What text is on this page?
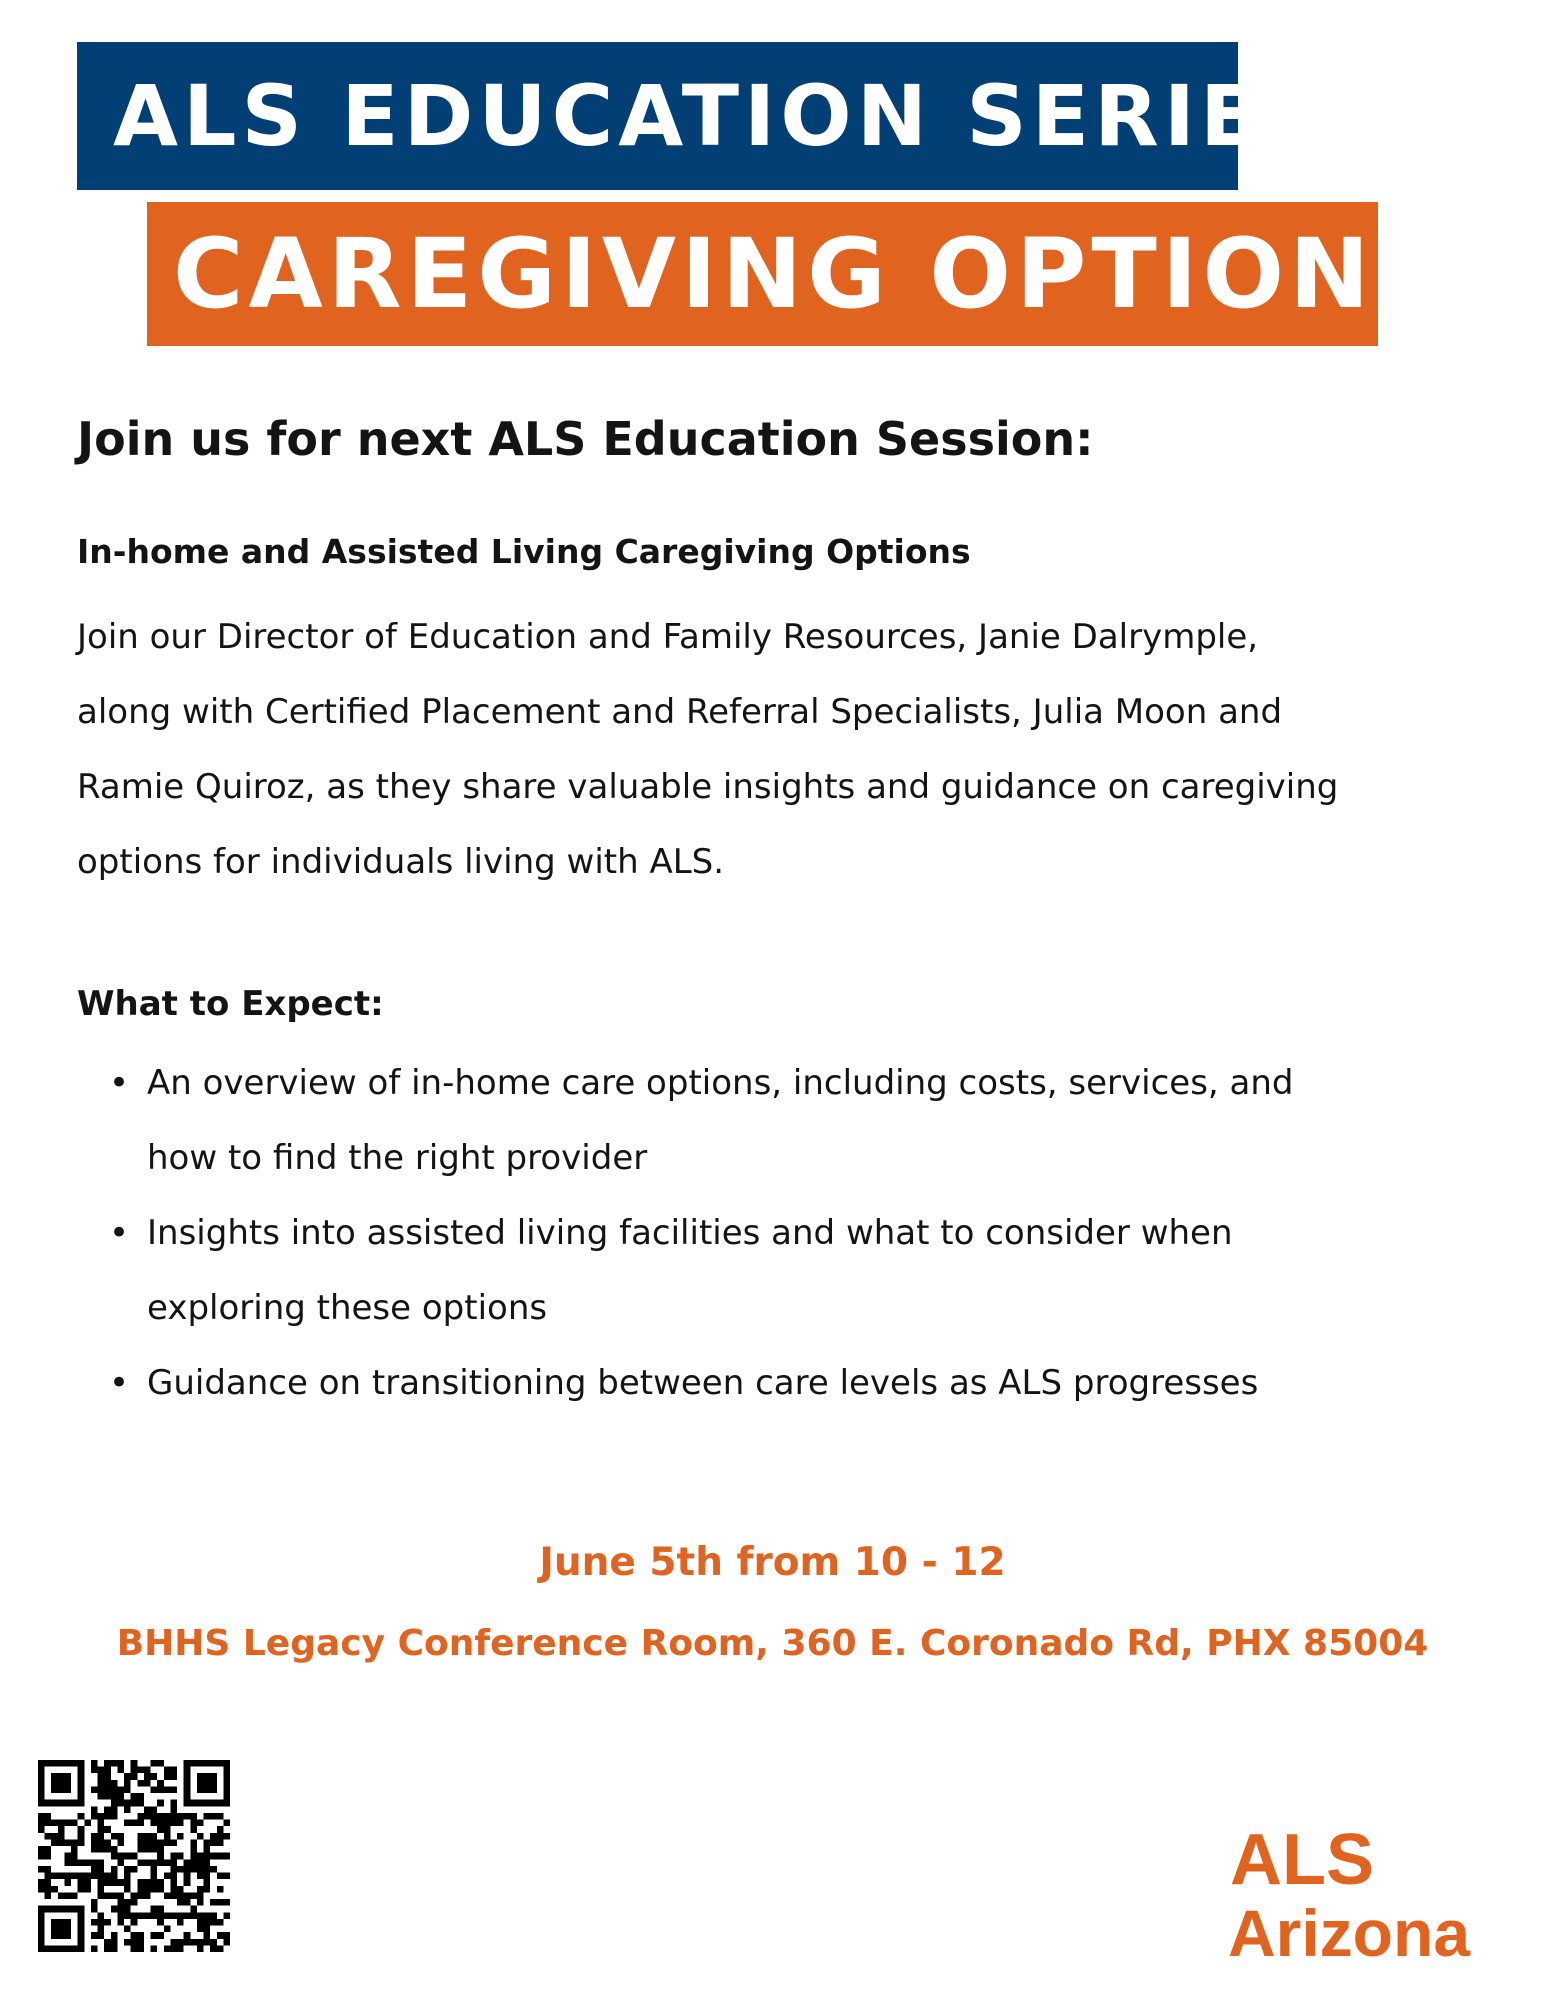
ALS EDUCATION SERIES
CAREGIVING OPTIONS
Join us for next ALS Education Session:
In-home and Assisted Living Caregiving Options

Join our Director of Education and Family Resources, Janie Dalrymple, along with Certified Placement and Referral Specialists, Julia Moon and Ramie Quiroz, as they share valuable insights and guidance on caregiving options for individuals living with ALS.

What to Expect:
• An overview of in-home care options, including costs, services, and how to find the right provider
• Insights into assisted living facilities and what to consider when exploring these options
• Guidance on transitioning between care levels as ALS progresses
June 5th from 10 - 12
BHHS Legacy Conference Room, 360 E. Coronado Rd, PHX 85004
ALS
Arizona
